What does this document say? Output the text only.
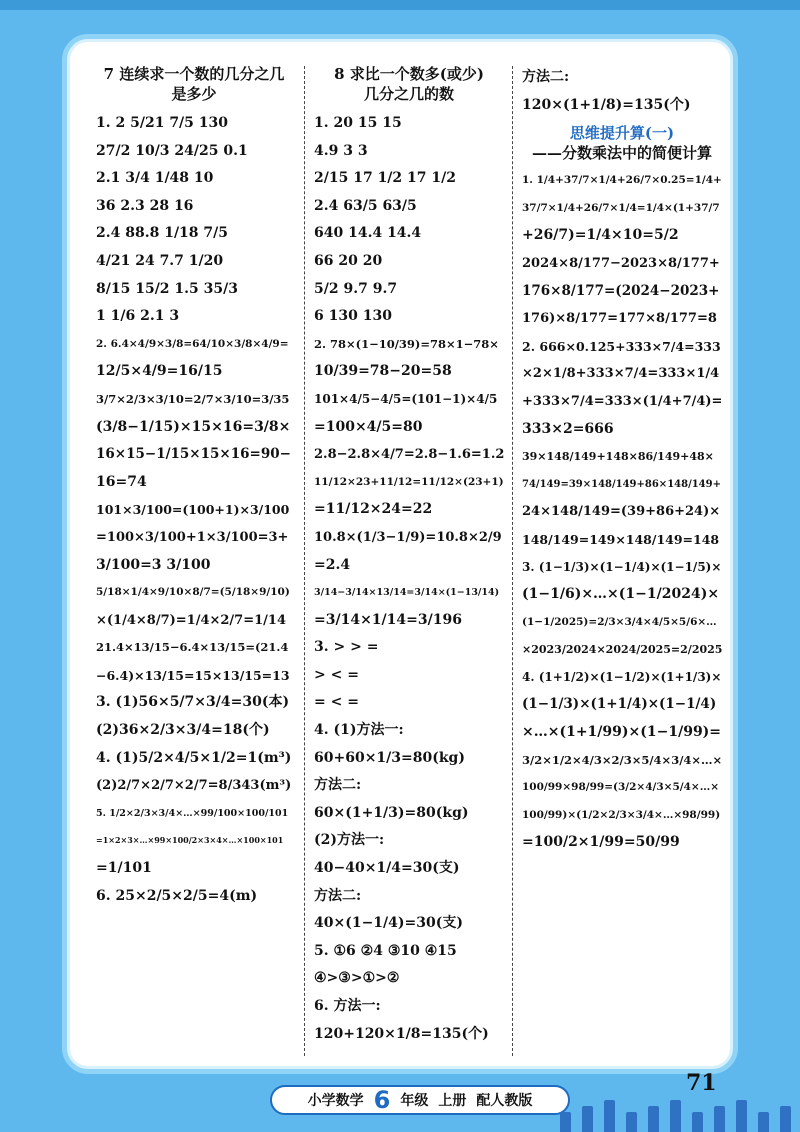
7 连续求一个数的几分之几
是多少
1. 2 5/21 7/5 130
27/2 10/3 24/25 0.1
2.1 3/4 1/48 10
36 2.3 28 16
2.4 88.8 1/18 7/5
4/21 24 7.7 1/20
8/15 15/2 1.5 35/3
1 1/6 2.1 3
2. 6.4×4/9×3/8=64/10×3/8×4/9=
12/5×4/9=16/15
3/7×2/3×3/10=2/7×3/10=3/35
(3/8−1/15)×15×16=3/8×
16×15−1/15×15×16=90−
16=74
101×3/100=(100+1)×3/100
=100×3/100+1×3/100=3+
3/100=3 3/100
5/18×1/4×9/10×8/7=(5/18×9/10)
×(1/4×8/7)=1/4×2/7=1/14
21.4×13/15−6.4×13/15=(21.4
−6.4)×13/15=15×13/15=13
3. (1)56×5/7×3/4=30(本)
(2)36×2/3×3/4=18(个)
4. (1)5/2×4/5×1/2=1(m³)
(2)2/7×2/7×2/7=8/343(m³)
5. 1/2×2/3×3/4×…×99/100×100/101
=1×2×3×…×99×100/2×3×4×…×100×101
=1/101
6. 25×2/5×2/5=4(m)
8 求比一个数多(或少)
几分之几的数
1. 20 15 15
4.9 3 3
2/15 17 1/2 17 1/2
2.4 63/5 63/5
640 14.4 14.4
66 20 20
5/2 9.7 9.7
6 130 130
2. 78×(1−10/39)=78×1−78×
10/39=78−20=58
101×4/5−4/5=(101−1)×4/5
=100×4/5=80
2.8−2.8×4/7=2.8−1.6=1.2
11/12×23+11/12=11/12×(23+1)
=11/12×24=22
10.8×(1/3−1/9)=10.8×2/9
=2.4
3/14−3/14×13/14=3/14×(1−13/14)
=3/14×1/14=3/196
3. > > =
> < =
= < =
4. (1)方法一:
60+60×1/3=80(kg)
方法二:
60×(1+1/3)=80(kg)
(2)方法一:
40−40×1/4=30(支)
方法二:
40×(1−1/4)=30(支)
5. ①6 ②4 ③10 ④15
④>③>①>②
6. 方法一:
120+120×1/8=135(个)
方法二:
120×(1+1/8)=135(个)
思维提升算(一)
——分数乘法中的简便计算
1. 1/4+37/7×1/4+26/7×0.25=1/4+
37/7×1/4+26/7×1/4=1/4×(1+37/7
+26/7)=1/4×10=5/2
2024×8/177−2023×8/177+
176×8/177=(2024−2023+
176)×8/177=177×8/177=8
2. 666×0.125+333×7/4=333
×2×1/8+333×7/4=333×1/4
+333×7/4=333×(1/4+7/4)=
333×2=666
39×148/149+148×86/149+48×
74/149=39×148/149+86×148/149+
24×148/149=(39+86+24)×
148/149=149×148/149=148
3. (1−1/3)×(1−1/4)×(1−1/5)×
(1−1/6)×…×(1−1/2024)×
(1−1/2025)=2/3×3/4×4/5×5/6×…
×2023/2024×2024/2025=2/2025
4. (1+1/2)×(1−1/2)×(1+1/3)×
(1−1/3)×(1+1/4)×(1−1/4)
×…×(1+1/99)×(1−1/99)=
3/2×1/2×4/3×2/3×5/4×3/4×…×
100/99×98/99=(3/2×4/3×5/4×…×
100/99)×(1/2×2/3×3/4×…×98/99)
=100/2×1/99=50/99
小学数学 6 年级 上册 配人教版
71
